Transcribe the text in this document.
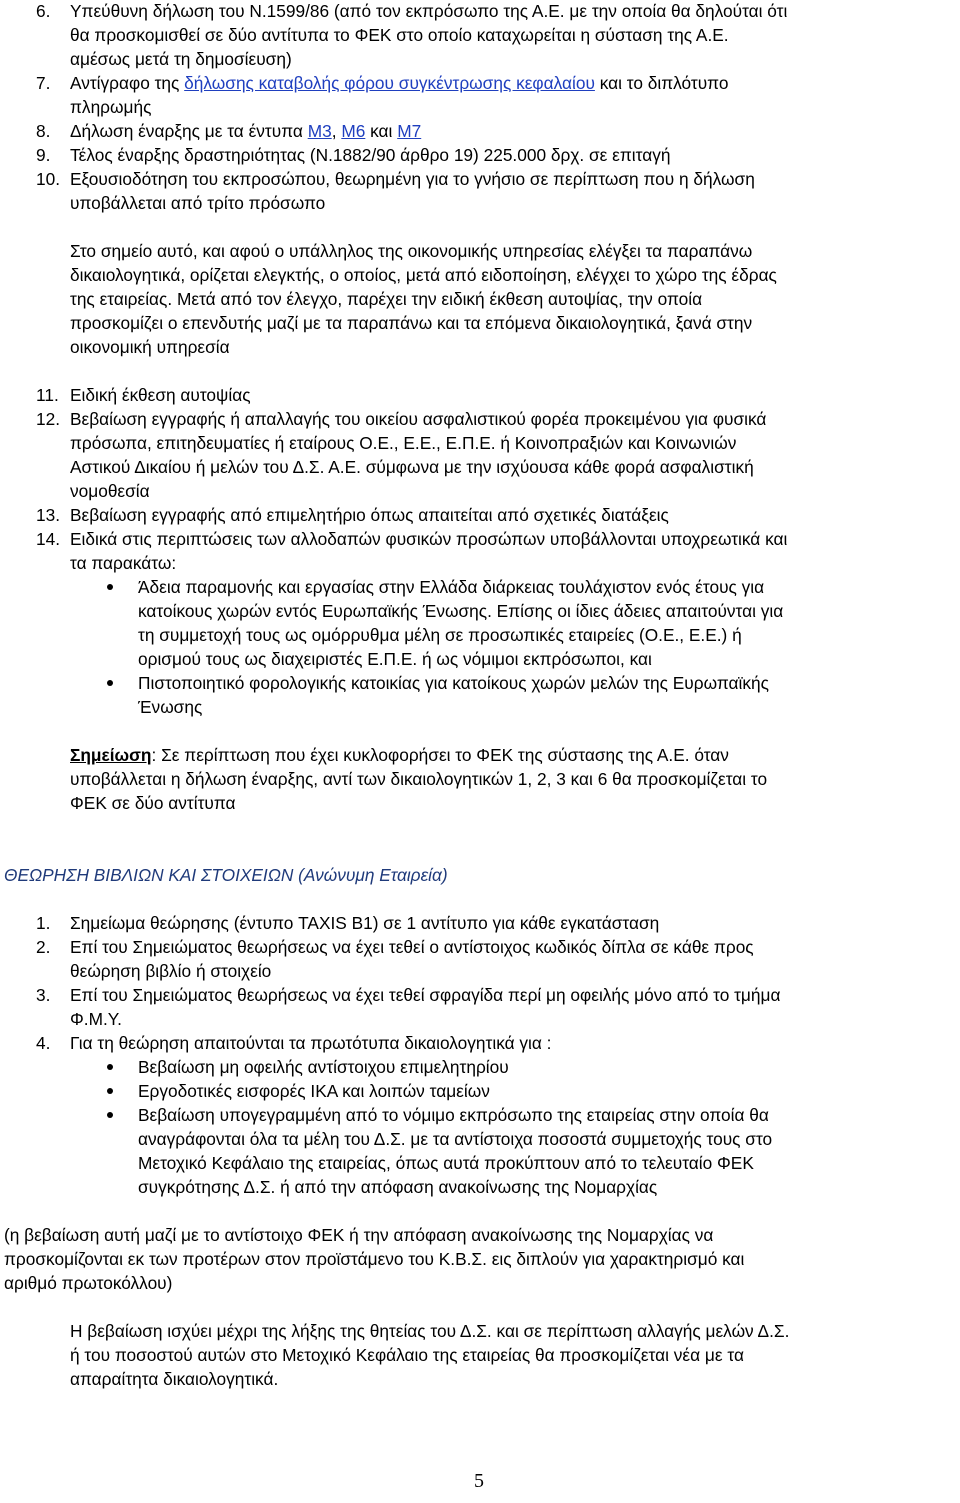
6. Υπεύθυνη δήλωση του Ν.1599/86 (από τον εκπρόσωπο της Α.Ε. με την οποία θα δηλούται ότι
θα προσκομισθεί σε δύο αντίτυπα το ΦΕΚ στο οποίο καταχωρείται η σύσταση της Α.Ε.
αμέσως μετά τη δημοσίευση)
7. Αντίγραφο της δήλωσης καταβολής φόρου συγκέντρωσης κεφαλαίου και το διπλότυπο
πληρωμής
8. Δήλωση έναρξης με τα έντυπα Μ3, Μ6 και Μ7
9. Τέλος έναρξης δραστηριότητας (Ν.1882/90 άρθρο 19) 225.000 δρχ. σε επιταγή
10. Εξουσιοδότηση του εκπροσώπου, θεωρημένη για το γνήσιο σε περίπτωση που η δήλωση
υποβάλλεται από τρίτο πρόσωπο
Στο σημείο αυτό, και αφού ο υπάλληλος της οικονομικής υπηρεσίας ελέγξει τα παραπάνω
δικαιολογητικά, ορίζεται ελεγκτής, ο οποίος, μετά από ειδοποίηση, ελέγχει το χώρο της έδρας
της εταιρείας. Μετά από τον έλεγχο, παρέχει την ειδική έκθεση αυτοψίας, την οποία
προσκομίζει ο επενδυτής μαζί με τα παραπάνω και τα επόμενα δικαιολογητικά, ξανά στην
οικονομική υπηρεσία
11. Ειδική έκθεση αυτοψίας
12. Βεβαίωση εγγραφής ή απαλλαγής του οικείου ασφαλιστικού φορέα προκειμένου για φυσικά
πρόσωπα, επιτηδευματίες ή εταίρους Ο.Ε., Ε.Ε., Ε.Π.Ε. ή Κοινοπραξιών και Κοινωνιών
Αστικού Δικαίου ή μελών του Δ.Σ. Α.Ε. σύμφωνα με την ισχύουσα κάθε φορά ασφαλιστική
νομοθεσία
13. Βεβαίωση εγγραφής από επιμελητήριο όπως απαιτείται από σχετικές διατάξεις
14. Ειδικά στις περιπτώσεις των αλλοδαπών φυσικών προσώπων υποβάλλονται υποχρεωτικά και
τα παρακάτω:
Άδεια παραμονής και εργασίας στην Ελλάδα διάρκειας τουλάχιστον ενός έτους για
κατοίκους χωρών εντός Ευρωπαϊκής Ένωσης. Επίσης οι ίδιες άδειες απαιτούνται για
τη συμμετοχή τους ως ομόρρυθμα μέλη σε προσωπικές εταιρείες (Ο.Ε., Ε.Ε.) ή
ορισμού τους ως διαχειριστές Ε.Π.Ε. ή ως νόμιμοι εκπρόσωποι, και
Πιστοποιητικό φορολογικής κατοικίας για κατοίκους χωρών μελών της Ευρωπαϊκής
Ένωσης
Σημείωση: Σε περίπτωση που έχει κυκλοφορήσει το ΦΕΚ της σύστασης της Α.Ε. όταν
υποβάλλεται η δήλωση έναρξης, αντί των δικαιολογητικών 1, 2, 3 και 6 θα προσκομίζεται το
ΦΕΚ σε δύο αντίτυπα
ΘΕΩΡΗΣΗ ΒΙΒΛΙΩΝ ΚΑΙ ΣΤΟΙΧΕΙΩΝ (Ανώνυμη Εταιρεία)
1. Σημείωμα θεώρησης (έντυπο TAXIS Β1) σε 1 αντίτυπο για κάθε εγκατάσταση
2. Επί του Σημειώματος θεωρήσεως να έχει τεθεί ο αντίστοιχος κωδικός δίπλα σε κάθε προς
θεώρηση βιβλίο ή στοιχείο
3. Επί του Σημειώματος θεωρήσεως να έχει τεθεί σφραγίδα περί μη οφειλής μόνο από το τμήμα
Φ.Μ.Υ.
4. Για τη θεώρηση απαιτούνται τα πρωτότυπα δικαιολογητικά για :
Βεβαίωση μη οφειλής αντίστοιχου επιμελητηρίου
Εργοδοτικές εισφορές ΙΚΑ και λοιπών ταμείων
Βεβαίωση υπογεγραμμένη από το νόμιμο εκπρόσωπο της εταιρείας στην οποία θα
αναγράφονται όλα τα μέλη του Δ.Σ. με τα αντίστοιχα ποσοστά συμμετοχής τους στο
Μετοχικό Κεφάλαιο της εταιρείας, όπως αυτά προκύπτουν από το τελευταίο ΦΕΚ
συγκρότησης Δ.Σ. ή από την απόφαση ανακοίνωσης της Νομαρχίας
(η βεβαίωση αυτή μαζί με το αντίστοιχο ΦΕΚ ή την απόφαση ανακοίνωσης της Νομαρχίας να
προσκομίζονται εκ των προτέρων στον προϊστάμενο του Κ.Β.Σ. εις διπλούν για χαρακτηρισμό και
αριθμό πρωτοκόλλου)
Η βεβαίωση ισχύει μέχρι της λήξης της θητείας του Δ.Σ. και σε περίπτωση αλλαγής μελών Δ.Σ.
ή του ποσοστού αυτών στο Μετοχικό Κεφάλαιο της εταιρείας θα προσκομίζεται νέα με τα
απαραίτητα δικαιολογητικά.
5
